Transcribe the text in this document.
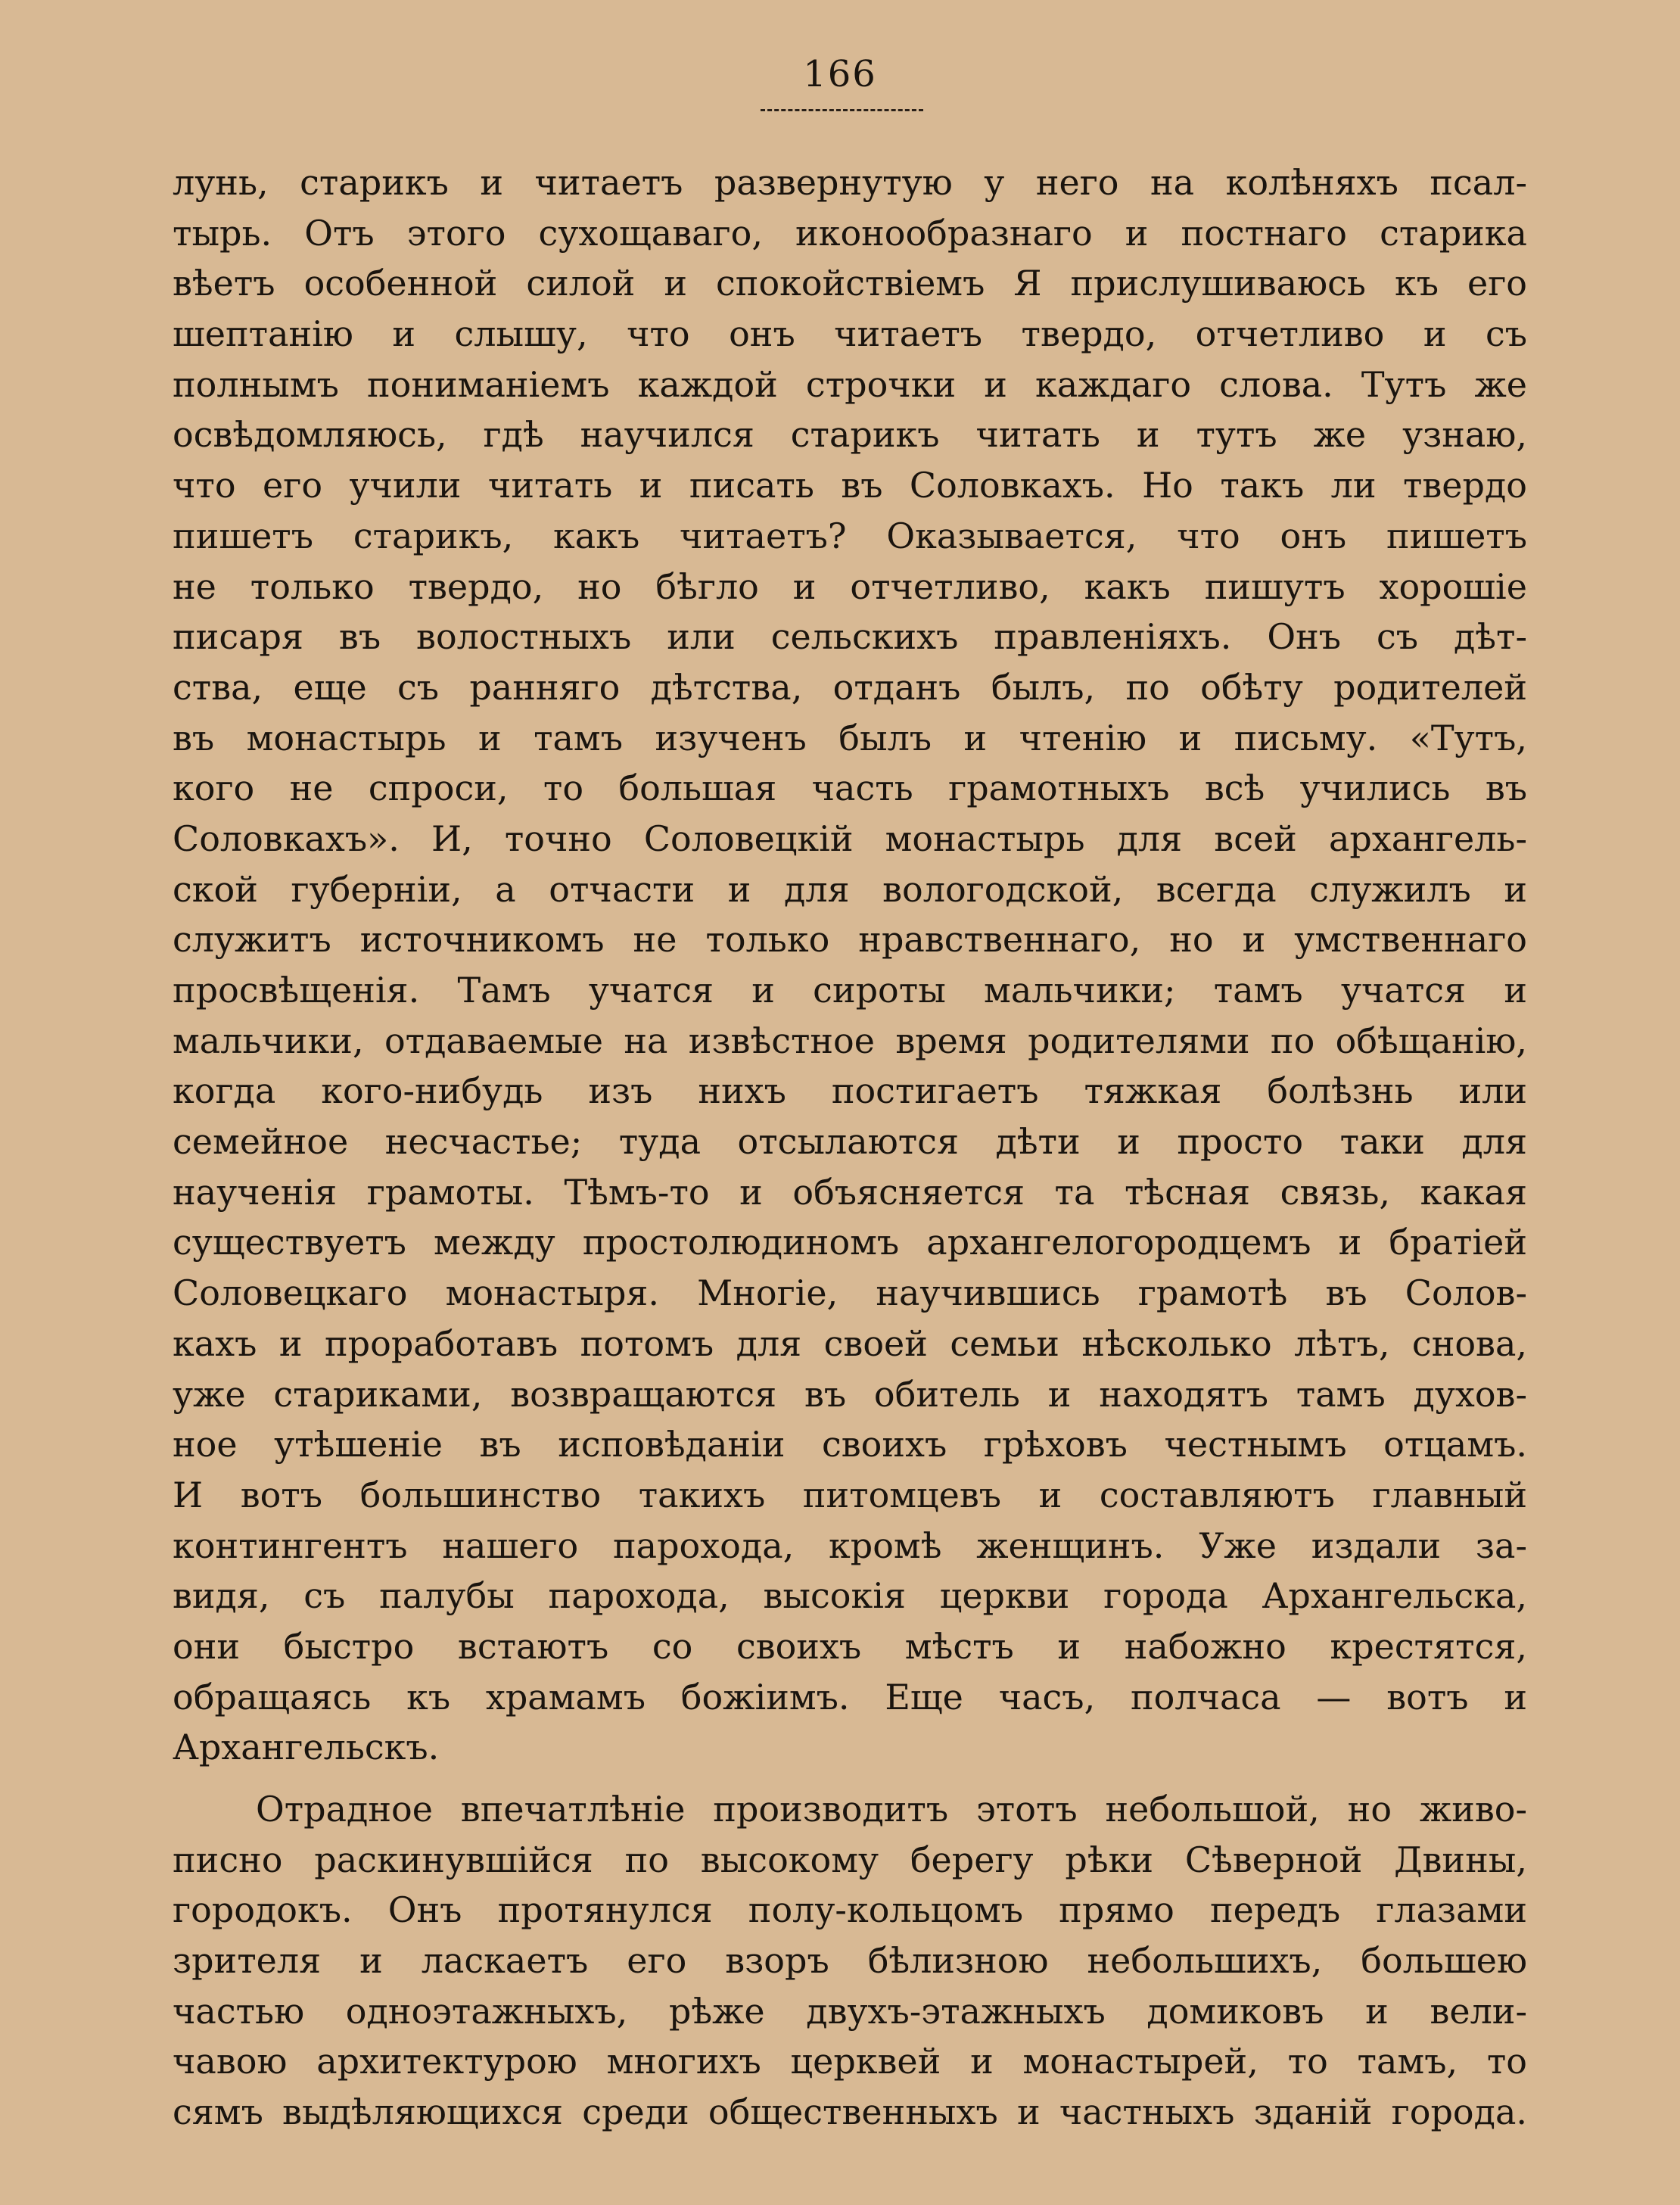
166
лунь, старикъ и читаетъ развернутую у него на колѣняхъ псал-
тырь. Отъ этого сухощаваго, иконообразнаго и постнаго старика
вѣетъ особенной силой и спокойствіемъ Я прислушиваюсь къ его
шептанію и слышу, что онъ читаетъ твердо, отчетливо и съ
полнымъ пониманіемъ каждой строчки и каждаго слова. Тутъ же
освѣдомляюсь, гдѣ научился старикъ читать и тутъ же узнаю,
что его учили читать и писать въ Соловкахъ. Но такъ ли твердо
пишетъ старикъ, какъ читаетъ? Оказывается, что онъ пишетъ
не только твердо, но бѣгло и отчетливо, какъ пишутъ хорошіе
писаря въ волостныхъ или сельскихъ правленіяхъ. Онъ съ дѣт-
ства, еще съ ранняго дѣтства, отданъ былъ, по обѣту родителей
въ монастырь и тамъ изученъ былъ и чтенію и письму. «Тутъ,
кого не спроси, то большая часть грамотныхъ всѣ учились въ
Соловкахъ». И, точно Соловецкій монастырь для всей архангель-
ской губерніи, а отчасти и для вологодской, всегда служилъ и
служитъ источникомъ не только нравственнаго, но и умственнаго
просвѣщенія. Тамъ учатся и сироты мальчики; тамъ учатся и
мальчики, отдаваемые на извѣстное время родителями по обѣщанію,
когда кого-нибудь изъ нихъ постигаетъ тяжкая болѣзнь или
семейное несчастье; туда отсылаются дѣти и просто таки для
наученія грамоты. Тѣмъ-то и объясняется та тѣсная связь, какая
существуетъ между простолюдиномъ архангелогородцемъ и братіей
Соловецкаго монастыря. Многіе, научившись грамотѣ въ Солов-
кахъ и проработавъ потомъ для своей семьи нѣсколько лѣтъ, снова,
уже стариками, возвращаются въ обитель и находятъ тамъ духов-
ное утѣшеніе въ исповѣданіи своихъ грѣховъ честнымъ отцамъ.
И вотъ большинство такихъ питомцевъ и составляютъ главный
контингентъ нашего парохода, кромѣ женщинъ. Уже издали за-
видя, съ палубы парохода, высокія церкви города Архангельска,
они быстро встаютъ со своихъ мѣстъ и набожно крестятся,
обращаясь къ храмамъ божіимъ. Еще часъ, полчаса — вотъ и
Архангельскъ.
Отрадное впечатлѣніе производитъ этотъ небольшой, но живо-
писно раскинувшійся по высокому берегу рѣки Сѣверной Двины,
городокъ. Онъ протянулся полу-кольцомъ прямо передъ глазами
зрителя и ласкаетъ его взоръ бѣлизною небольшихъ, большею
частью одноэтажныхъ, рѣже двухъ-этажныхъ домиковъ и вели-
чавою архитектурою многихъ церквей и монастырей, то тамъ, то
сямъ выдѣляющихся среди общественныхъ и частныхъ зданій города.
